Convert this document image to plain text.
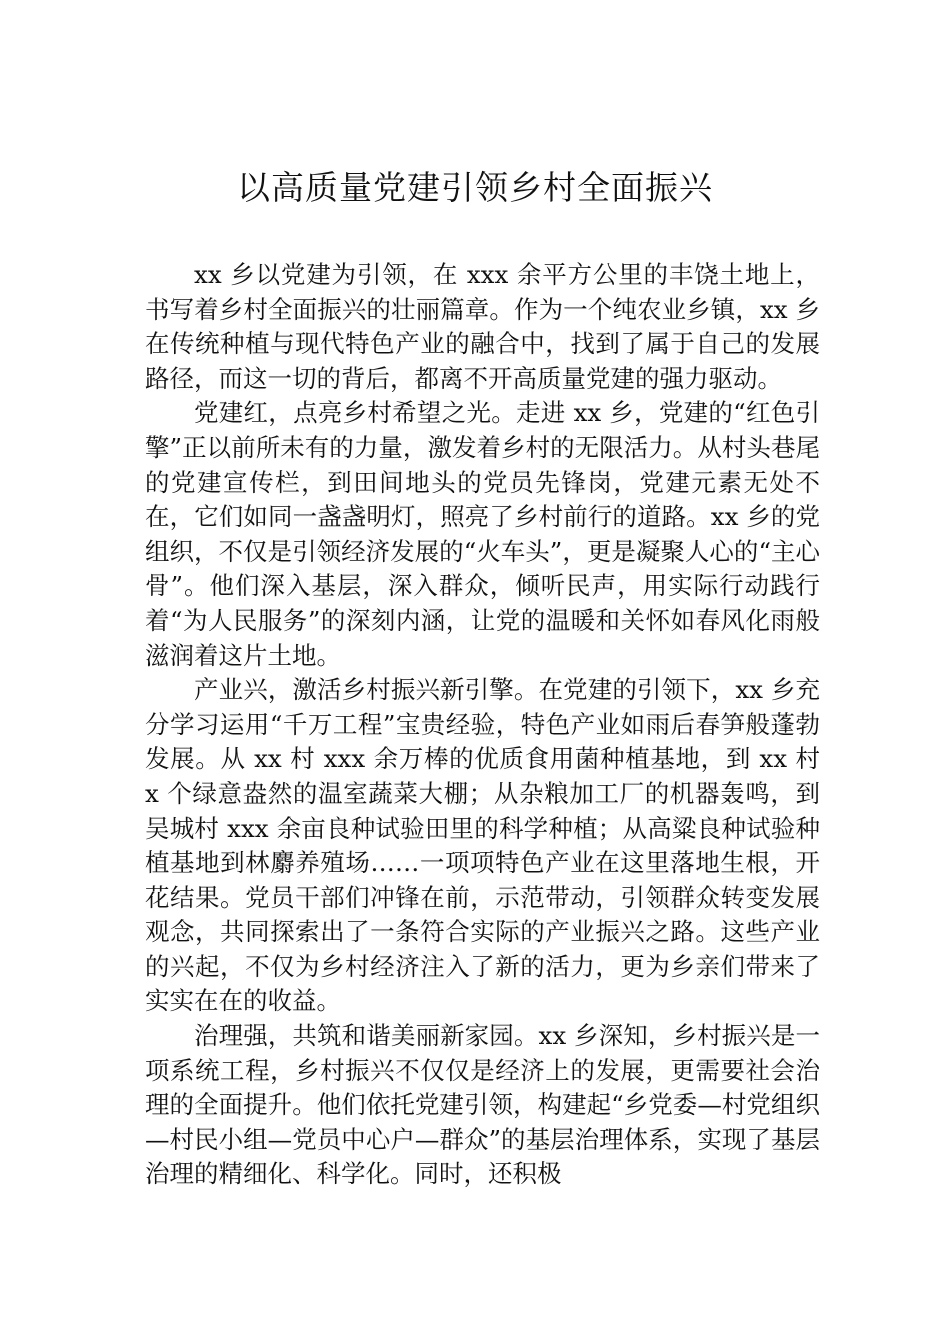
以高质量党建引领乡村全面振兴

xx 乡以党建为引领，在 xxx 余平方公里的丰饶土地上，书写着乡村全面振兴的壮丽篇章。作为一个纯农业乡镇，xx 乡在传统种植与现代特色产业的融合中，找到了属于自己的发展路径，而这一切的背后，都离不开高质量党建的强力驱动。

党建红，点亮乡村希望之光。走进 xx 乡，党建的“红色引擎”正以前所未有的力量，激发着乡村的无限活力。从村头巷尾的党建宣传栏，到田间地头的党员先锋岗，党建元素无处不在，它们如同一盏盏明灯，照亮了乡村前行的道路。xx 乡的党组织，不仅是引领经济发展的“火车头”，更是凝聚人心的“主心骨”。他们深入基层，深入群众，倾听民声，用实际行动践行着“为人民服务”的深刻内涵，让党的温暖和关怀如春风化雨般滋润着这片土地。

产业兴，激活乡村振兴新引擎。在党建的引领下，xx 乡充分学习运用“千万工程”宝贵经验，特色产业如雨后春笋般蓬勃发展。从 xx 村 xxx 余万棒的优质食用菌种植基地，到 xx 村 x 个绿意盎然的温室蔬菜大棚；从杂粮加工厂的机器轰鸣，到吴城村 xxx 余亩良种试验田里的科学种植；从高粱良种试验种植基地到林麝养殖场……一项项特色产业在这里落地生根，开花结果。党员干部们冲锋在前，示范带动，引领群众转变发展观念，共同探索出了一条符合实际的产业振兴之路。这些产业的兴起，不仅为乡村经济注入了新的活力，更为乡亲们带来了实实在在的收益。

治理强，共筑和谐美丽新家园。xx 乡深知，乡村振兴是一项系统工程，乡村振兴不仅仅是经济上的发展，更需要社会治理的全面提升。他们依托党建引领，构建起“乡党委—村党组织—村民小组—党员中心户—群众”的基层治理体系，实现了基层治理的精细化、科学化。同时，还积极
